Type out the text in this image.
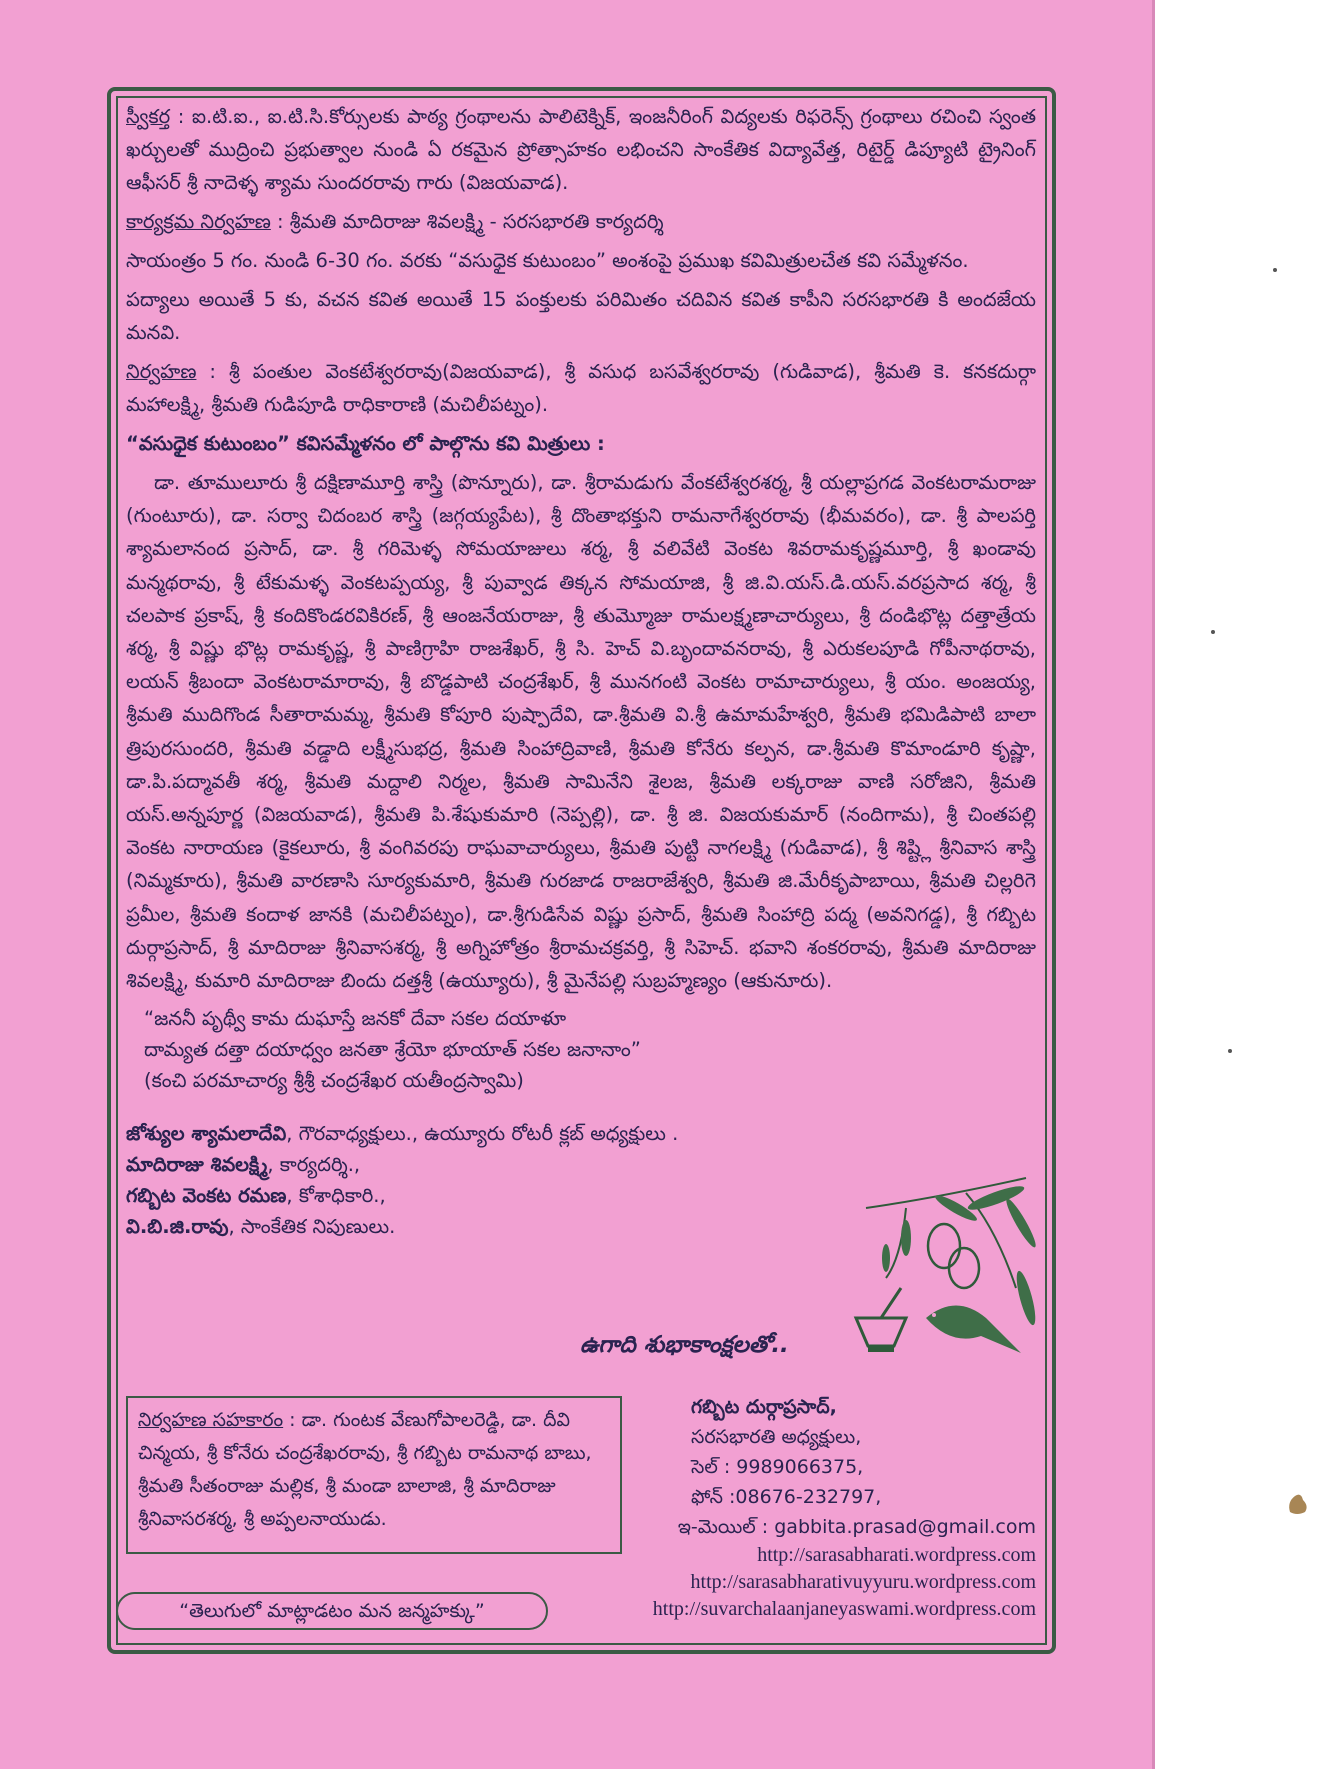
స్వీకర్త : ఐ.టి.ఐ., ఐ.టి.సి.కోర్సులకు పాఠ్య గ్రంథాలను పాలిటెక్నిక్, ఇంజనీరింగ్ విద్యలకు రిఫరెన్స్ గ్రంథాలు రచించి స్వంత ఖర్చులతో ముద్రించి ప్రభుత్వాల నుండి ఏ రకమైన ప్రోత్సాహకం లభించని సాంకేతిక విద్యావేత్త, రిటైర్డ్ డిప్యూటి ట్రైనింగ్ ఆఫీసర్ శ్రీ నాదెళ్ళ శ్యామ సుందరరావు గారు (విజయవాడ).

కార్యక్రమ నిర్వహణ : శ్రీమతి మాదిరాజు శివలక్ష్మి - సరసభారతి కార్యదర్శి

సాయంత్రం 5 గం. నుండి 6-30 గం. వరకు “వసుధైక కుటుంబం” అంశంపై ప్రముఖ కవిమిత్రులచేత కవి సమ్మేళనం.

పద్యాలు అయితే 5 కు, వచన కవిత అయితే 15 పంక్తులకు పరిమితం చదివిన కవిత కాపీని సరసభారతి కి అందజేయ మనవి.

నిర్వహణ : శ్రీ పంతుల వెంకటేశ్వరరావు(విజయవాడ), శ్రీ వసుధ బసవేశ్వరరావు (గుడివాడ), శ్రీమతి కె. కనకదుర్గా మహాలక్ష్మి, శ్రీమతి గుడిపూడి రాధికారాణి (మచిలీపట్నం).

“వసుధైక కుటుంబం” కవిసమ్మేళనం లో పాల్గొను కవి మిత్రులు :

డా. తూములూరు శ్రీ దక్షిణామూర్తి శాస్త్రి (పొన్నూరు), డా. శ్రీరామడుగు వేంకటేశ్వరశర్మ, శ్రీ యల్లాప్రగడ వెంకటరామరాజు (గుంటూరు), డా. సర్వా చిదంబర శాస్త్రి (జగ్గయ్యపేట), శ్రీ దొంతాభక్తుని రామనాగేశ్వరరావు (భీమవరం), డా. శ్రీ పాలపర్తి శ్యామలానంద ప్రసాద్, డా. శ్రీ గరిమెళ్ళ సోమయాజులు శర్మ, శ్రీ వలివేటి వెంకట శివరామకృష్ణమూర్తి, శ్రీ ఖండావు మన్మథరావు, శ్రీ టేకుమళ్ళ వెంకటప్పయ్య, శ్రీ పువ్వాడ తిక్కన సోమయాజి, శ్రీ జి.వి.యస్.డి.యస్.వరప్రసాద శర్మ, శ్రీ చలపాక ప్రకాష్, శ్రీ కందికొండరవికిరణ్, శ్రీ ఆంజనేయరాజు, శ్రీ తుమ్మెూజు రామలక్ష్మణాచార్యులు, శ్రీ దండిభొట్ల దత్తాత్రేయ శర్మ, శ్రీ విష్ణు భొట్ల రామకృష్ణ, శ్రీ పాణిగ్రాహి రాజశేఖర్, శ్రీ సి. హెచ్ వి.బృందావనరావు, శ్రీ ఎరుకలపూడి గోపీనాథరావు, లయన్ శ్రీబందా వెంకటరామారావు, శ్రీ బొడ్డపాటి చంద్రశేఖర్, శ్రీ మునగంటి వెంకట రామాచార్యులు, శ్రీ యం. అంజయ్య, శ్రీమతి ముదిగొండ సీతారామమ్మ, శ్రీమతి కోపూరి పుష్పాదేవి, డా.శ్రీమతి వి.శ్రీ ఉమామహేశ్వరి, శ్రీమతి భమిడిపాటి బాలా త్రిపురసుందరి, శ్రీమతి వడ్డాది లక్ష్మీసుభద్ర, శ్రీమతి సింహాద్రివాణి, శ్రీమతి కోనేరు కల్పన, డా.శ్రీమతి కొమాండూరి కృష్ణా, డా.పి.పద్మావతీ శర్మ, శ్రీమతి మద్దాలి నిర్మల, శ్రీమతి సామినేని శైలజ, శ్రీమతి లక్కరాజు వాణి సరోజిని, శ్రీమతి యస్.అన్నపూర్ణ (విజయవాడ), శ్రీమతి పి.శేషుకుమారి (నెప్పల్లి), డా. శ్రీ జి. విజయకుమార్ (నందిగామ), శ్రీ చింతపల్లి వెంకట నారాయణ (కైకలూరు, శ్రీ వంగివరపు రాఘవాచార్యులు, శ్రీమతి పుట్టి నాగలక్ష్మి (గుడివాడ), శ్రీ శిష్ట్లి శ్రీనివాస శాస్త్రి (నిమ్మకూరు), శ్రీమతి వారణాసి సూర్యకుమారి, శ్రీమతి గురజాడ రాజరాజేశ్వరి, శ్రీమతి జి.మేరీకృపాబాయి, శ్రీమతి చిల్లరిగె ప్రమీల, శ్రీమతి కందాళ జానకి (మచిలీపట్నం), డా.శ్రీగుడిసేవ విష్ణు ప్రసాద్, శ్రీమతి సింహాద్రి పద్మ (అవనిగడ్డ), శ్రీ గబ్బిట దుర్గాప్రసాద్, శ్రీ మాదిరాజు శ్రీనివాసశర్మ, శ్రీ అగ్నిహోత్రం శ్రీరామచక్రవర్తి, శ్రీ సిహెచ్. భవాని శంకరరావు, శ్రీమతి మాదిరాజు శివలక్ష్మి, కుమారి మాదిరాజు బిందు దత్తశ్రీ (ఉయ్యూరు), శ్రీ మైనేపల్లి సుబ్రహ్మణ్యం (ఆకునూరు).

“జననీ పృథ్వీ కామ దుఘాస్తే జనకో దేవా సకల దయాళూ
దామ్యత దత్తా దయాధ్వం జనతా శ్రేయో భూయాత్ సకల జనానాం”
(కంచి పరమాచార్య శ్రీశ్రీ చంద్రశేఖర యతీంద్రస్వామి)
జోశ్యుల శ్యామలాదేవి, గౌరవాధ్యక్షులు., ఉయ్యూరు రోటరీ క్లబ్ అధ్యక్షులు .
మాదిరాజు శివలక్ష్మి, కార్యదర్శి.,
గబ్బిట వెంకట రమణ, కోశాధికారి.,
వి.బి.జి.రావు, సాంకేతిక నిపుణులు.
ఉగాది శుభాకాంక్షలతో..
నిర్వహణ సహకారం : డా. గుంటక వేణుగోపాలరెడ్డి, డా. దీవి చిన్మయ, శ్రీ కోనేరు చంద్రశేఖరరావు, శ్రీ గబ్బిట రామనాథ బాబు, శ్రీమతి సీతంరాజు మల్లిక, శ్రీ మండా బాలాజి, శ్రీ మాదిరాజు శ్రీనివాసరశర్మ, శ్రీ అప్పలనాయుడు.
గబ్బిట దుర్గాప్రసాద్,
సరసభారతి అధ్యక్షులు,
సెల్ : 9989066375,
ఫోన్ :08676-232797,
ఇ-మెయిల్ : gabbita.prasad@gmail.com
http://sarasabharati.wordpress.com
http://sarasabharativuyyuru.wordpress.com
http://suvarchalaanjaneyaswami.wordpress.com
“తెలుగులో మాట్లాడటం మన జన్మహక్కు”
